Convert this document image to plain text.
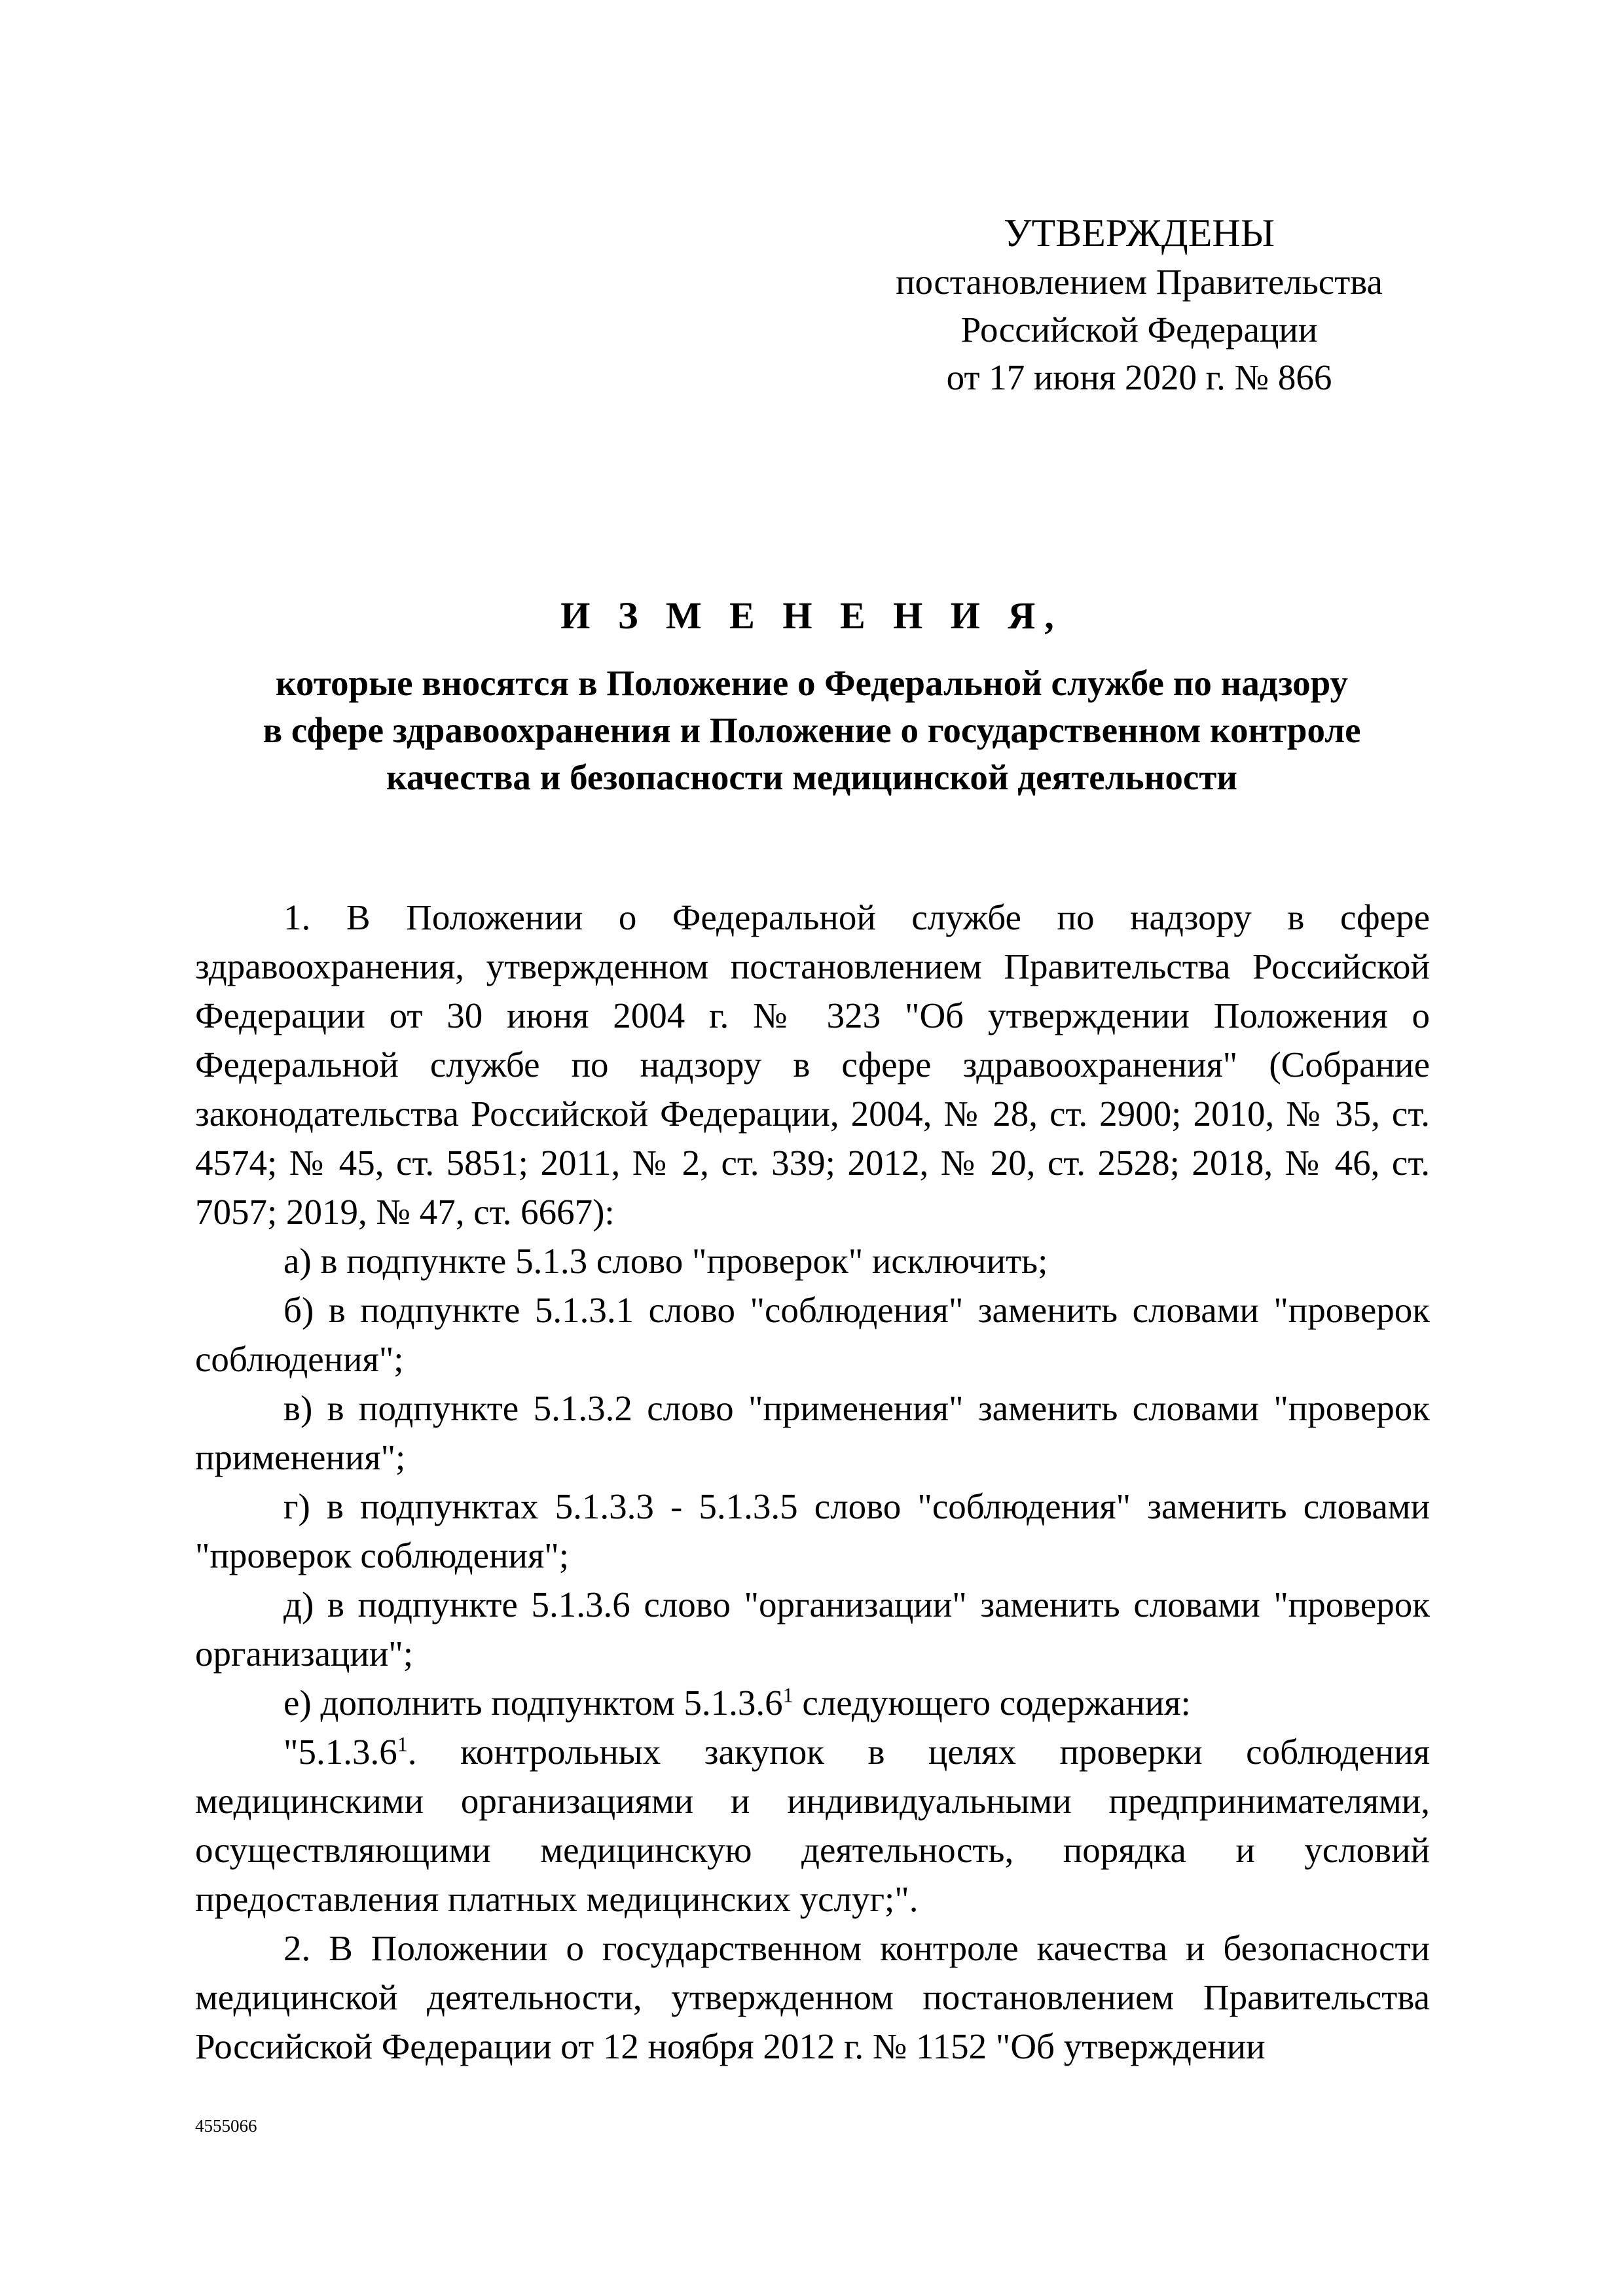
УТВЕРЖДЕНЫ
постановлением Правительства
Российской Федерации
от 17 июня 2020 г. № 866
И З М Е Н Е Н И Я,
которые вносятся в Положение о Федеральной службе по надзору
в сфере здравоохранения и Положение о государственном контроле
качества и безопасности медицинской деятельности

1. В Положении о Федеральной службе по надзору в сфере здравоохранения, утвержденном постановлением Правительства Российской Федерации от 30 июня 2004 г. № 323 "Об утверждении Положения о Федеральной службе по надзору в сфере здравоохранения" (Собрание законодательства Российской Федерации, 2004, № 28, ст. 2900; 2010, № 35, ст. 4574; № 45, ст. 5851; 2011, № 2, ст. 339; 2012, № 20, ст. 2528; 2018, № 46, ст. 7057; 2019, № 47, ст. 6667):

а) в подпункте 5.1.3 слово "проверок" исключить;

б) в подпункте 5.1.3.1 слово "соблюдения" заменить словами "проверок соблюдения";

в) в подпункте 5.1.3.2 слово "применения" заменить словами "проверок применения";

г) в подпунктах 5.1.3.3 - 5.1.3.5 слово "соблюдения" заменить словами "проверок соблюдения";

д) в подпункте 5.1.3.6 слово "организации" заменить словами "проверок организации";

е) дополнить подпунктом 5.1.3.6$^1$ следующего содержания:

"5.1.3.6$^1$. контрольных закупок в целях проверки соблюдения медицинскими организациями и индивидуальными предпринимателями, осуществляющими медицинскую деятельность, порядка и условий предоставления платных медицинских услуг;".

2. В Положении о государственном контроле качества и безопасности медицинской деятельности, утвержденном постановлением Правительства Российской Федерации от 12 ноября 2012 г. № 1152 "Об утверждении

4555066
